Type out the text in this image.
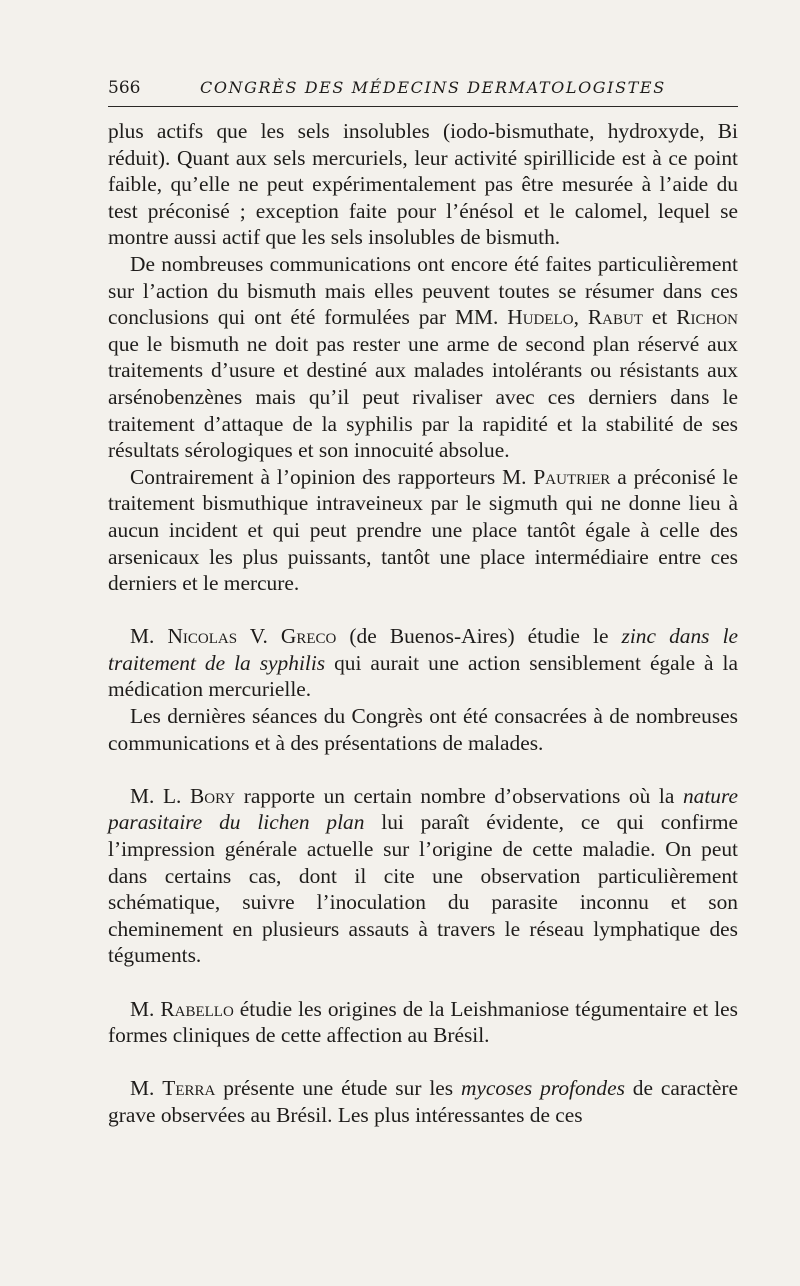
566	CONGRÈS DES MÉDECINS DERMATOLOGISTES

plus actifs que les sels insolubles (iodo-bismuthate, hydroxyde, Bi réduit). Quant aux sels mercuriels, leur activité spirillicide est à ce point faible, qu’elle ne peut expérimentalement pas être mesurée à l’aide du test préconisé ; exception faite pour l’énésol et le calomel, lequel se montre aussi actif que les sels insolubles de bismuth.

De nombreuses communications ont encore été faites particulièrement sur l’action du bismuth mais elles peuvent toutes se résumer dans ces conclusions qui ont été formulées par MM. Hudelo, Rabut et Richon que le bismuth ne doit pas rester une arme de second plan réservé aux traitements d’usure et destiné aux malades intolérants ou résistants aux arsénobenzènes mais qu’il peut rivaliser avec ces derniers dans le traitement d’attaque de la syphilis par la rapidité et la stabilité de ses résultats sérologiques et son innocuité absolue.

Contrairement à l’opinion des rapporteurs M. Pautrier a préconisé le traitement bismuthique intraveineux par le sigmuth qui ne donne lieu à aucun incident et qui peut prendre une place tantôt égale à celle des arsenicaux les plus puissants, tantôt une place intermédiaire entre ces derniers et le mercure.

M. Nicolas V. Greco (de Buenos-Aires) étudie le zinc dans le traitement de la syphilis qui aurait une action sensiblement égale à la médication mercurielle.

Les dernières séances du Congrès ont été consacrées à de nombreuses communications et à des présentations de malades.

M. L. Bory rapporte un certain nombre d’observations où la nature parasitaire du lichen plan lui paraît évidente, ce qui confirme l’impression générale actuelle sur l’origine de cette maladie. On peut dans certains cas, dont il cite une observation particulièrement schématique, suivre l’inoculation du parasite inconnu et son cheminement en plusieurs assauts à travers le réseau lymphatique des téguments.

M. Rabello étudie les origines de la Leishmaniose tégumentaire et les formes cliniques de cette affection au Brésil.

M. Terra présente une étude sur les mycoses profondes de caractère grave observées au Brésil. Les plus intéressantes de ces
